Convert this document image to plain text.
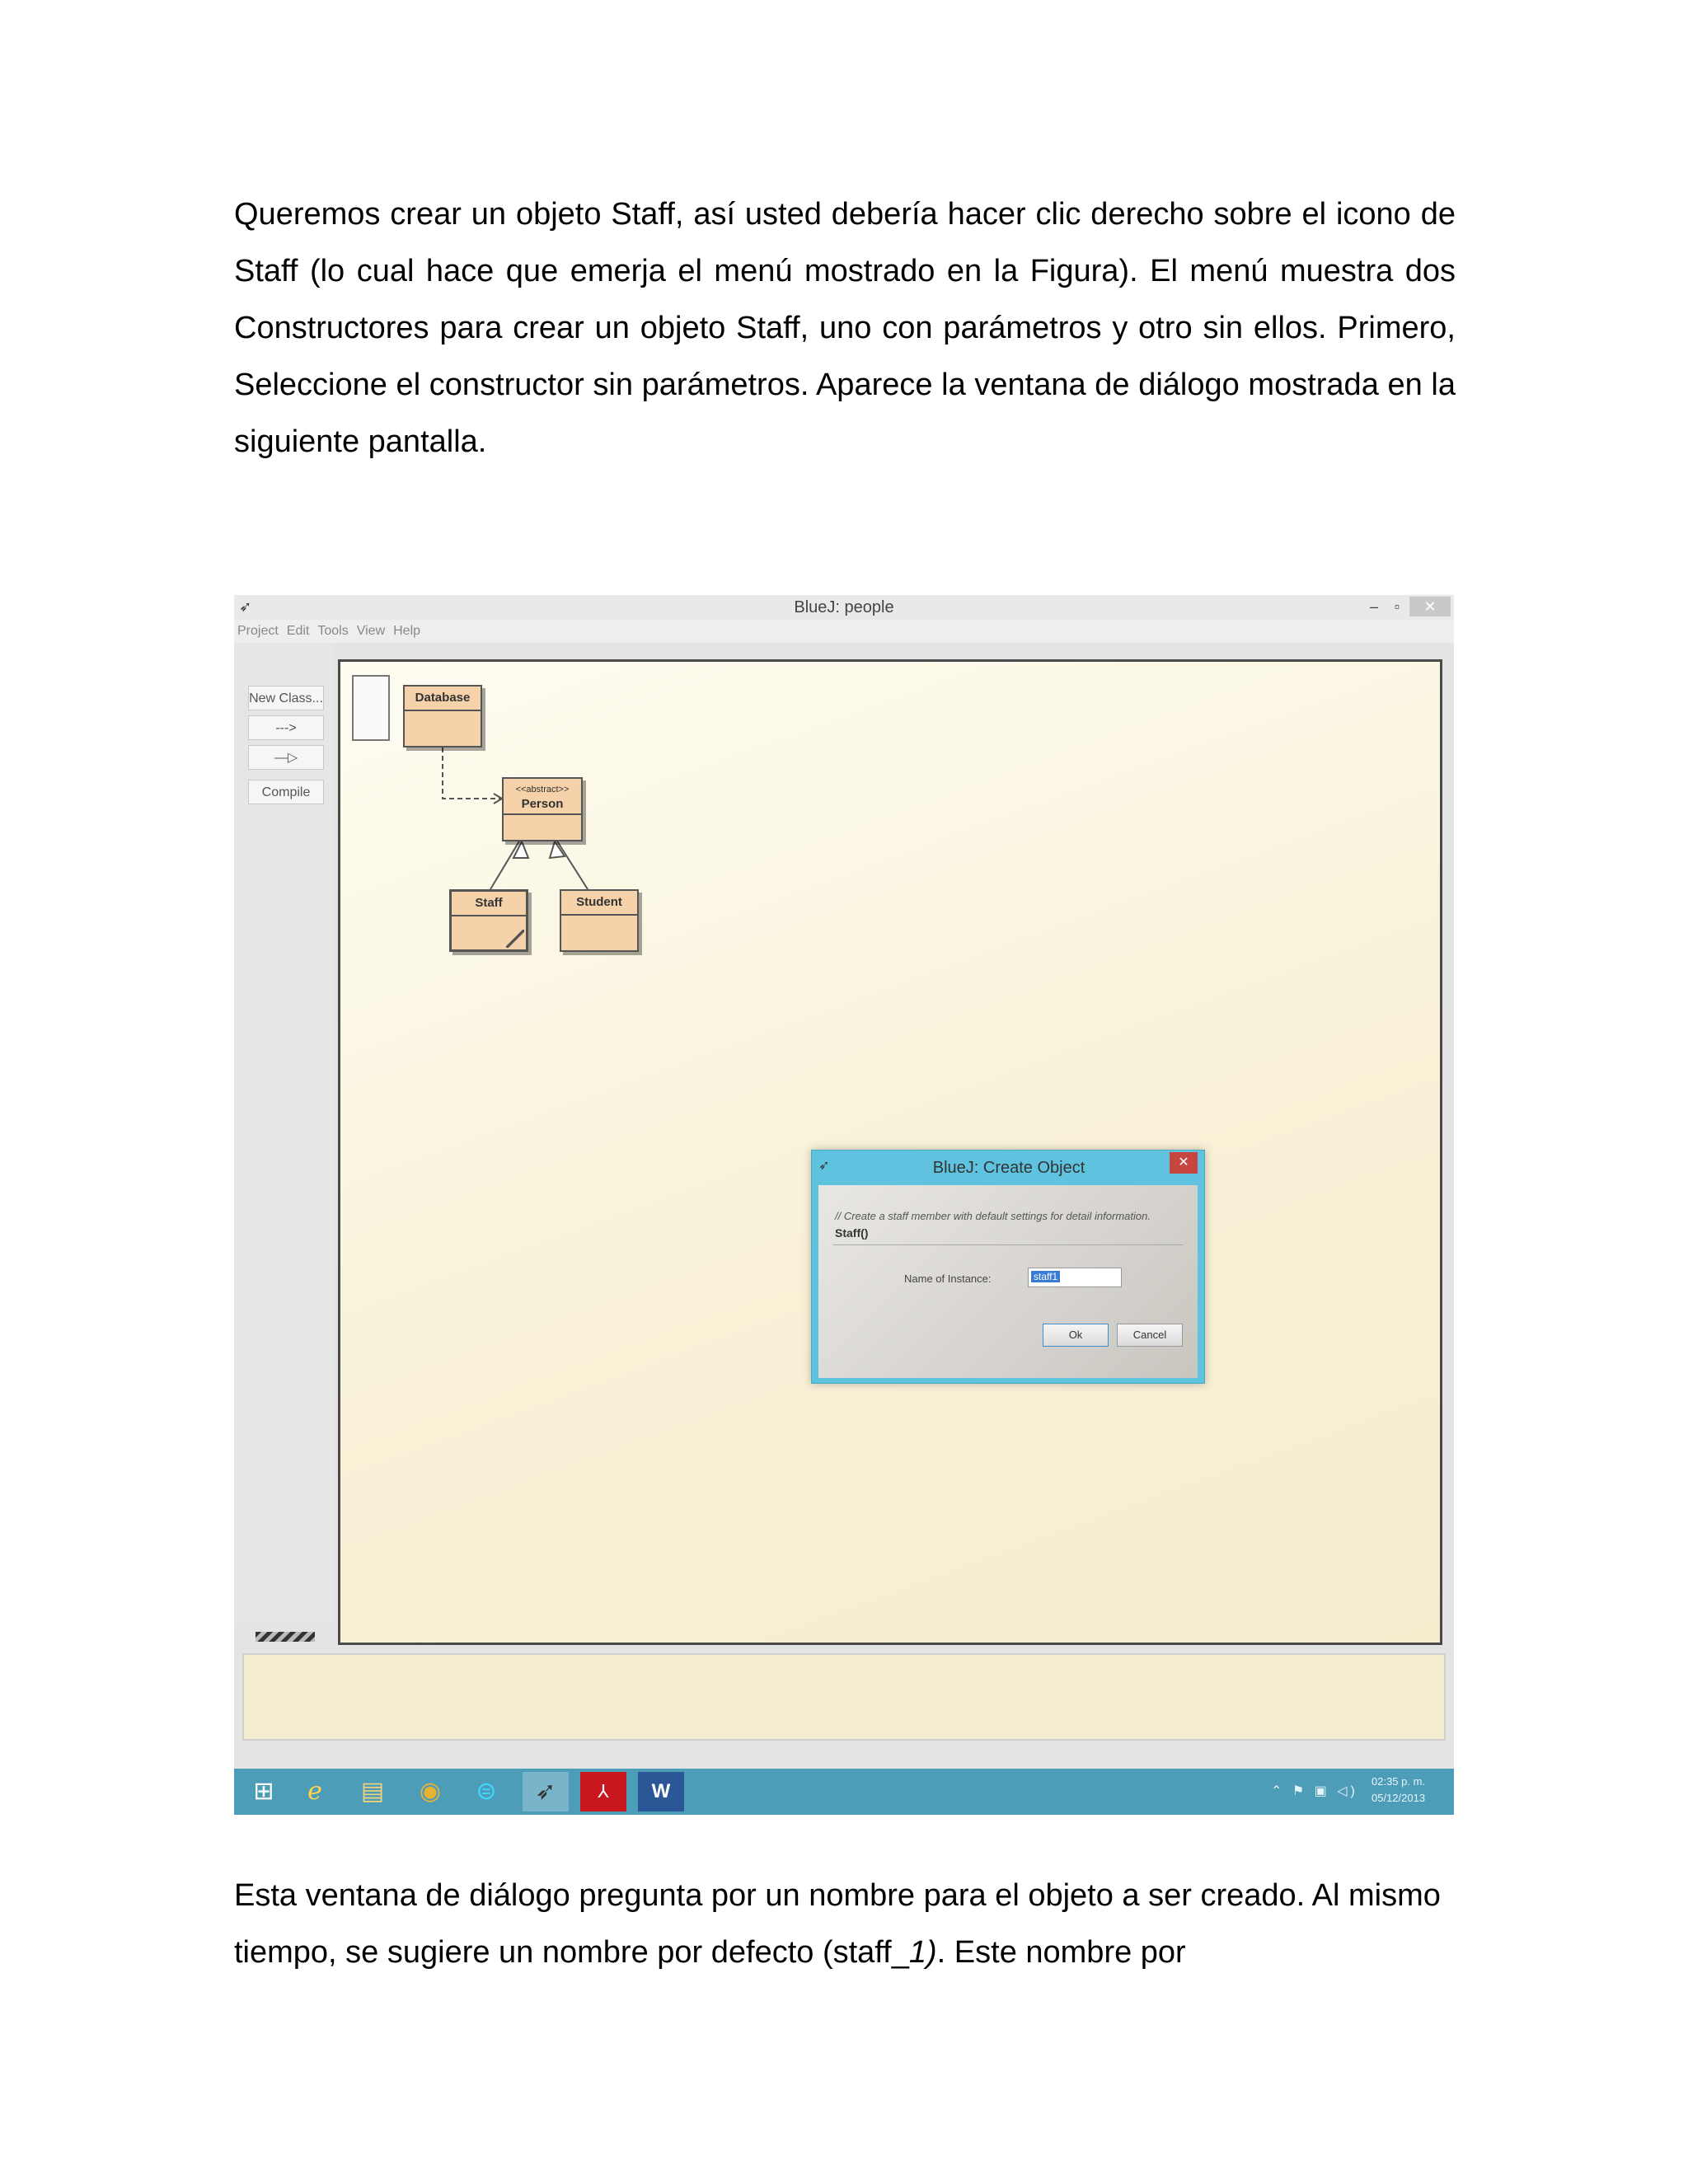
Queremos crear un objeto Staff, así usted debería hacer clic derecho sobre el icono de Staff (lo cual hace que emerja el menú mostrado en la Figura). El menú muestra dos Constructores para crear un objeto Staff, uno con parámetros y otro sin ellos. Primero, Seleccione el constructor sin parámetros. Aparece la ventana de diálogo mostrada en la siguiente pantalla.

➶	BlueJ: people	–	▫	✕
Project Edit Tools View Help
New Class...
--->
—▷
Compile
Database
<<abstract>>
Person
Staff	Student
➶	BlueJ: Create Object	✕
// Create a staff member with default settings for detail information.
Staff()
Name of Instance:	staff1
Ok	Cancel
⊞	ℯ	▤	◉	⊜	➶	⅄	W	⌃ ⚑ ▣ ◁)
02:35 p. m.
05/12/2013

Esta ventana de diálogo pregunta por un nombre para el objeto a ser creado. Al mismo tiempo, se sugiere un nombre por defecto (staff_1). Este nombre por
